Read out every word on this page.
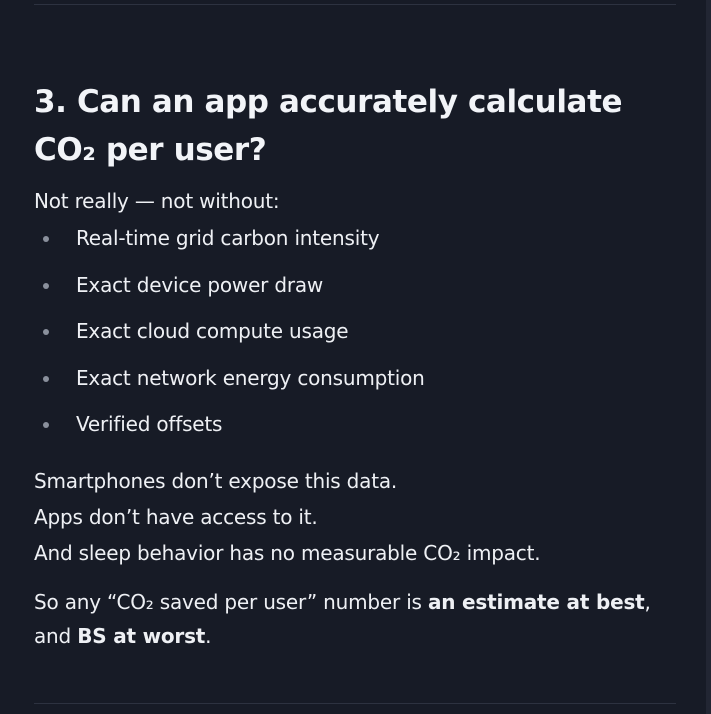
3. Can an app accurately calculate
CO₂ per user?

Not really — not without:

Real-time grid carbon intensity
Exact device power draw
Exact cloud compute usage
Exact network energy consumption
Verified offsets

Smartphones don’t expose this data.
Apps don’t have access to it.
And sleep behavior has no measurable CO₂ impact.

So any “CO₂ saved per user” number is an estimate at best,
and BS at worst.
